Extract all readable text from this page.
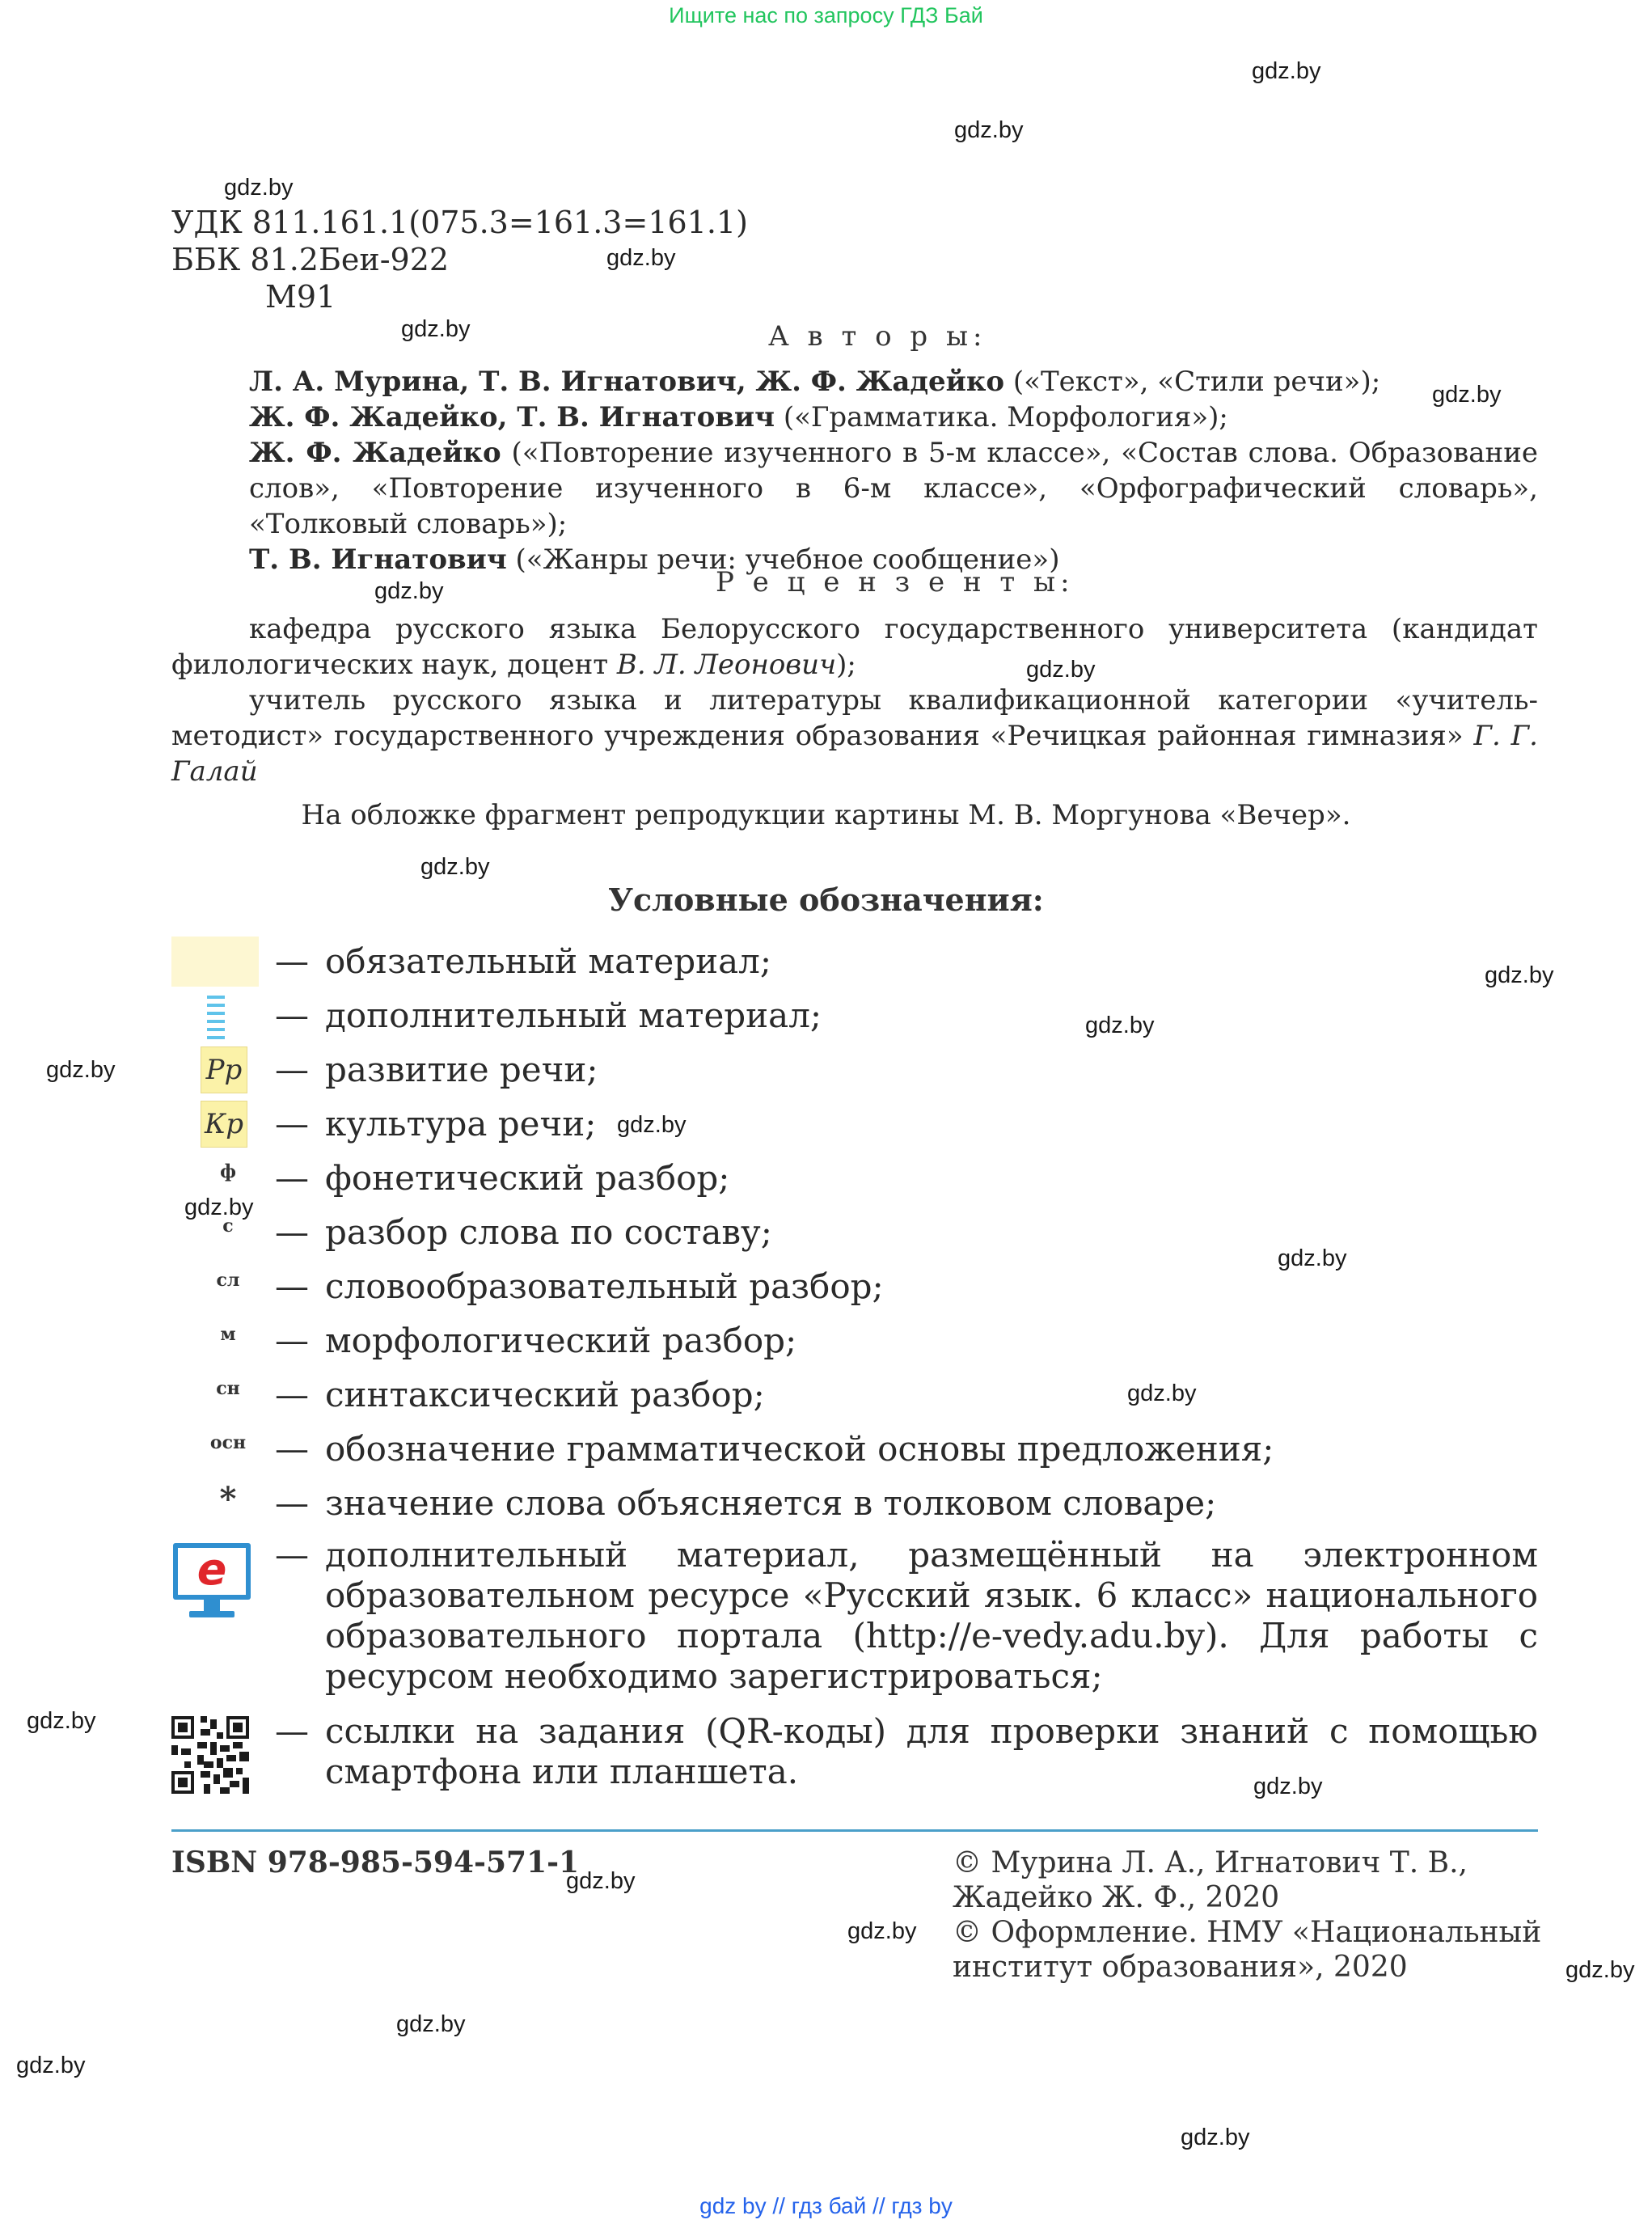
Ищите нас по запросу ГДЗ Бай
gdz.by
gdz.by
gdz.by
gdz.by
gdz.by
gdz.by
gdz.by
gdz.by
gdz.by
gdz.by
gdz.by
gdz.by
gdz.by
gdz.by
gdz.by
gdz.by
gdz.by
gdz.by
gdz.by
gdz.by
gdz.by
gdz.by
gdz.by
gdz.by
УДК 811.161.1(075.3=161.3=161.1)
ББК 81.2Беи-922
М91
А в т о р ы:
Л. А. Мурина, Т. В. Игнатович, Ж. Ф. Жадейко («Текст», «Стили речи»);
Ж. Ф. Жадейко, Т. В. Игнатович («Грамматика. Морфология»);
Ж. Ф. Жадейко («Повторение изученного в 5-м классе», «Состав слова. Образование слов», «Повторение изученного в 6-м классе», «Орфографический словарь», «Толковый словарь»);
Т. В. Игнатович («Жанры речи: учебное сообщение»)
Р е ц е н з е н т ы:
кафедра русского языка Белорусского государственного университета (кандидат филологических наук, доцент В. Л. Леонович);
учитель русского языка и литературы квалификационной категории «учитель-методист» государственного учреждения образования «Речицкая районная гимназия» Г. Г. Галай
На обложке фрагмент репродукции картины М. В. Моргунова «Вечер».
Условные обозначения:
— обязательный материал;
— дополнительный материал;
Рр — развитие речи;
Кр — культура речи;
ф	— фонетический разбор;
с	— разбор слова по составу;
сл	— словообразовательный разбор;
м	— морфологический разбор;
сн	— синтаксический разбор;
осн — обозначение грамматической основы предложения;
*	— значение слова объясняется в толковом словаре;
e	— дополнительный материал, размещённый на электронном образовательном ресурсе «Русский язык. 6 класс» национального образовательного портала (http://e-vedy.adu.by). Для работы с ресурсом необходимо зарегистрироваться;
— ссылки на задания (QR-коды) для проверки знаний с помощью смартфона или планшета.
ISBN 978-985-594-571-1	© Мурина Л. А., Игнатович Т. В., Жадейко Ж. Ф., 2020
© Оформление. НМУ «Национальный институт образования», 2020
gdz by // гдз бай // гдз by
